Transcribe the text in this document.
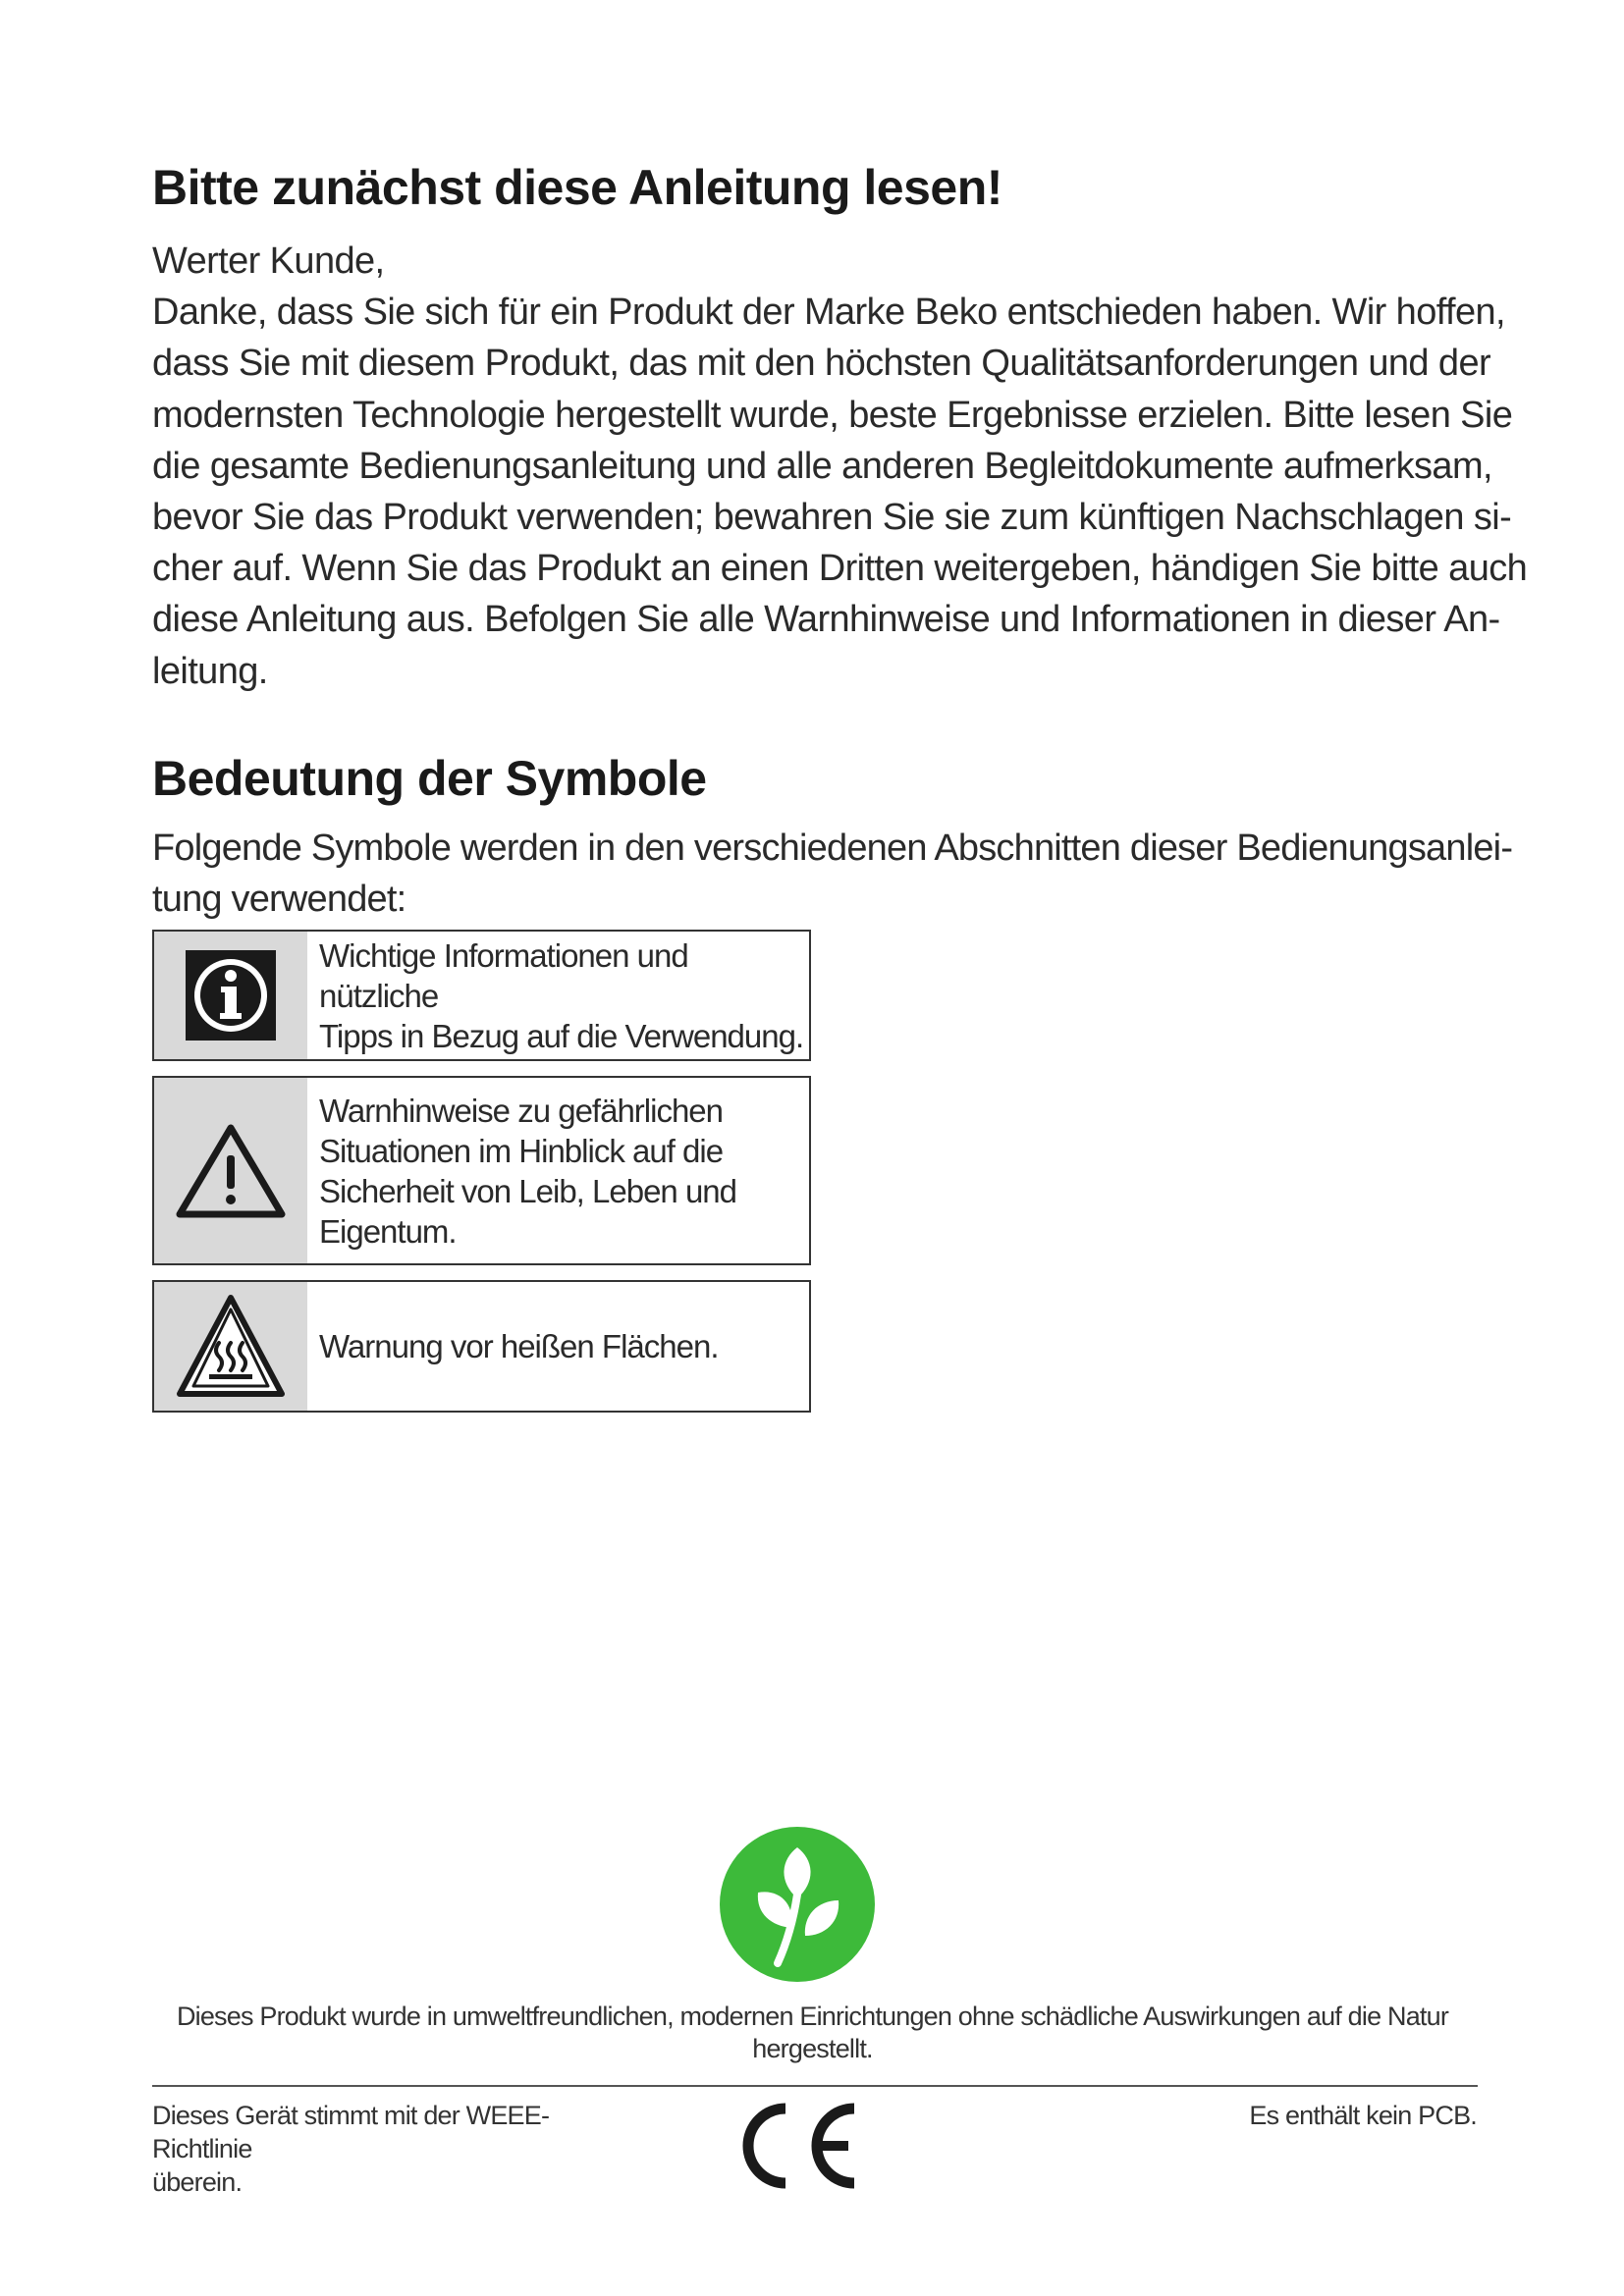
Bitte zunächst diese Anleitung lesen!

Werter Kunde,
Danke, dass Sie sich für ein Produkt der Marke Beko entschieden haben. Wir hoffen,
dass Sie mit diesem Produkt, das mit den höchsten Qualitätsanforderungen und der
modernsten Technologie hergestellt wurde, beste Ergebnisse erzielen. Bitte lesen Sie
die gesamte Bedienungsanleitung und alle anderen Begleitdokumente aufmerksam,
bevor Sie das Produkt verwenden; bewahren Sie sie zum künftigen Nachschlagen si-
cher auf. Wenn Sie das Produkt an einen Dritten weitergeben, händigen Sie bitte auch
diese Anleitung aus. Befolgen Sie alle Warnhinweise und Informationen in dieser An-
leitung.

Bedeutung der Symbole

Folgende Symbole werden in den verschiedenen Abschnitten dieser Bedienungsanlei-
tung verwendet:

Wichtige Informationen und nützliche
Tipps in Bezug auf die Verwendung.
Warnhinweise zu gefährlichen
Situationen im Hinblick auf die
Sicherheit von Leib, Leben und
Eigentum.
Warnung vor heißen Flächen.
Dieses Produkt wurde in umweltfreundlichen, modernen Einrichtungen ohne schädliche Auswirkungen auf die Natur
hergestellt.
Dieses Gerät stimmt mit der WEEE-Richtlinie
überein.
Es enthält kein PCB.
